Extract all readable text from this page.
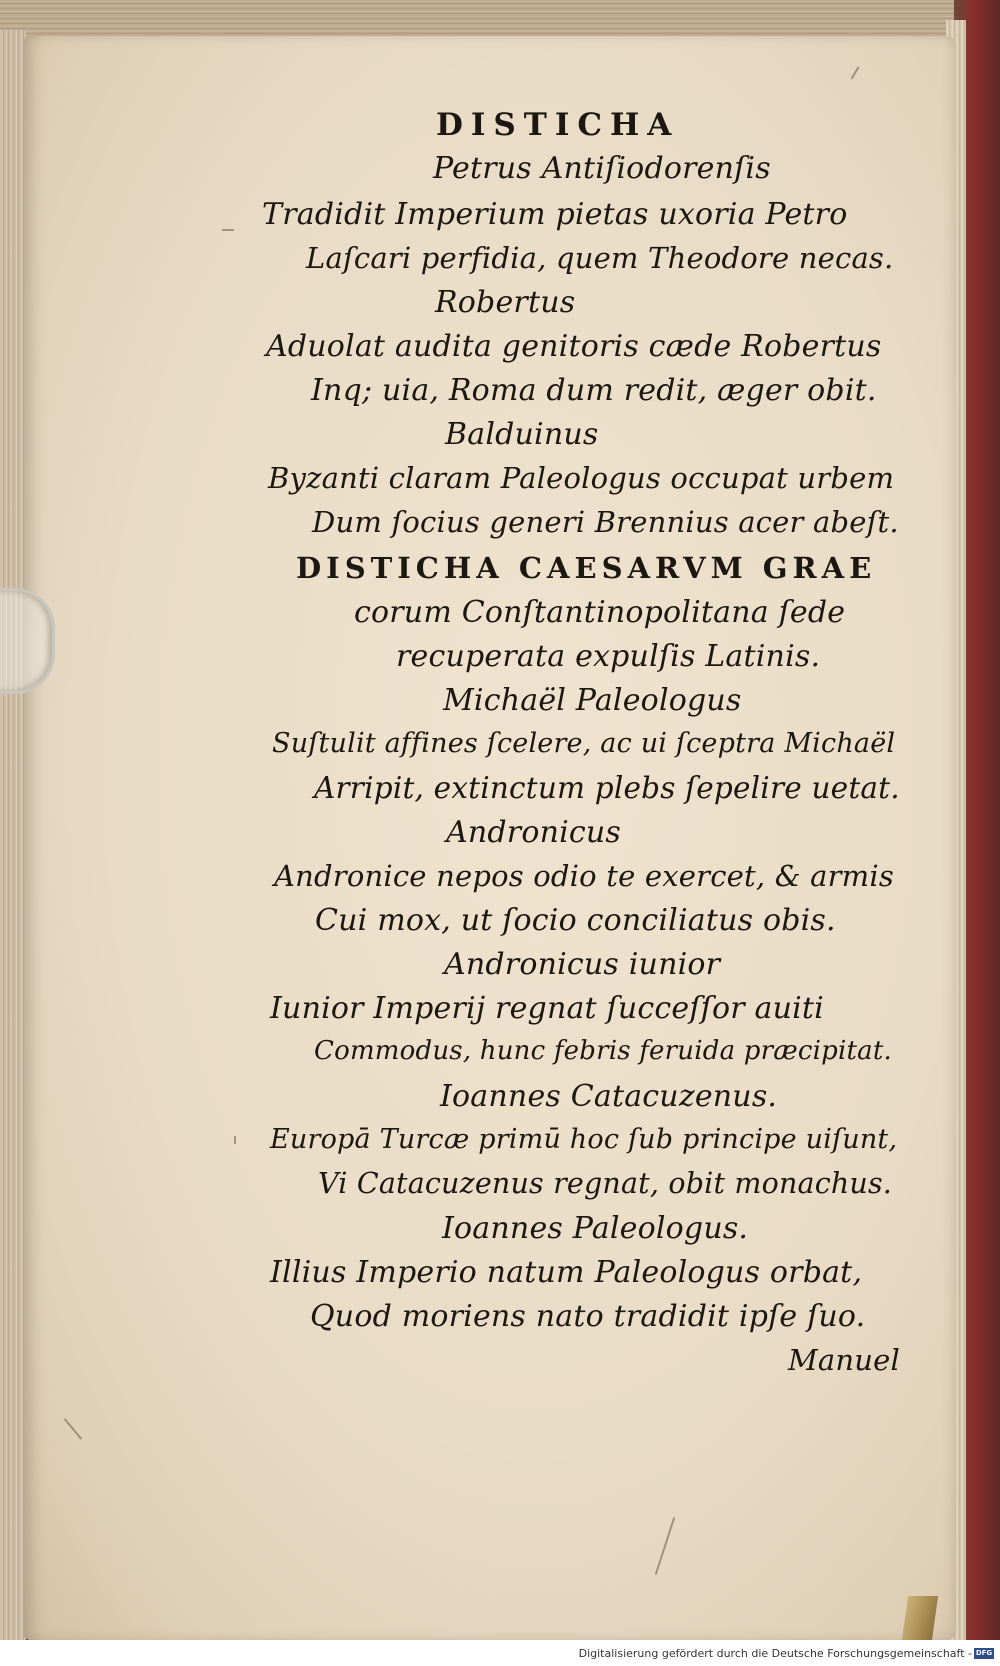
DISTICHA

Petrus Antiſiodorenſis

Tradidit Imperium pietas uxoria Petro

Laſcari perfidia, quem Theodore necas.

Robertus

Aduolat audita genitoris cæde Robertus

Inq; uia, Roma dum redit, æger obit.

Balduinus

Byzanti claram Paleologus occupat urbem

Dum ſocius generi Brennius acer abeſt.

DISTICHA CAESARVM GRAE

corum Conſtantinopolitana ſede

recuperata expulſis Latinis.

Michaël Paleologus

Suſtulit affines ſcelere, ac ui ſceptra Michaël

Arripit, extinctum plebs ſepelire uetat.

Andronicus

Andronice nepos odio te exercet, & armis

Cui mox, ut ſocio conciliatus obis.

Andronicus iunior

Iunior Imperij regnat ſucceſſor auiti

Commodus, hunc febris feruida præcipitat.

Ioannes Catacuzenus.

Europā Turcæ primū hoc ſub principe uiſunt,

Vi Catacuzenus regnat, obit monachus.

Ioannes Paleologus.

Illius Imperio natum Paleologus orbat,

Quod moriens nato tradidit ipſe ſuo.

Manuel

Digitalisierung gefördert durch die Deutsche Forschungsgemeinschaft - DFG
